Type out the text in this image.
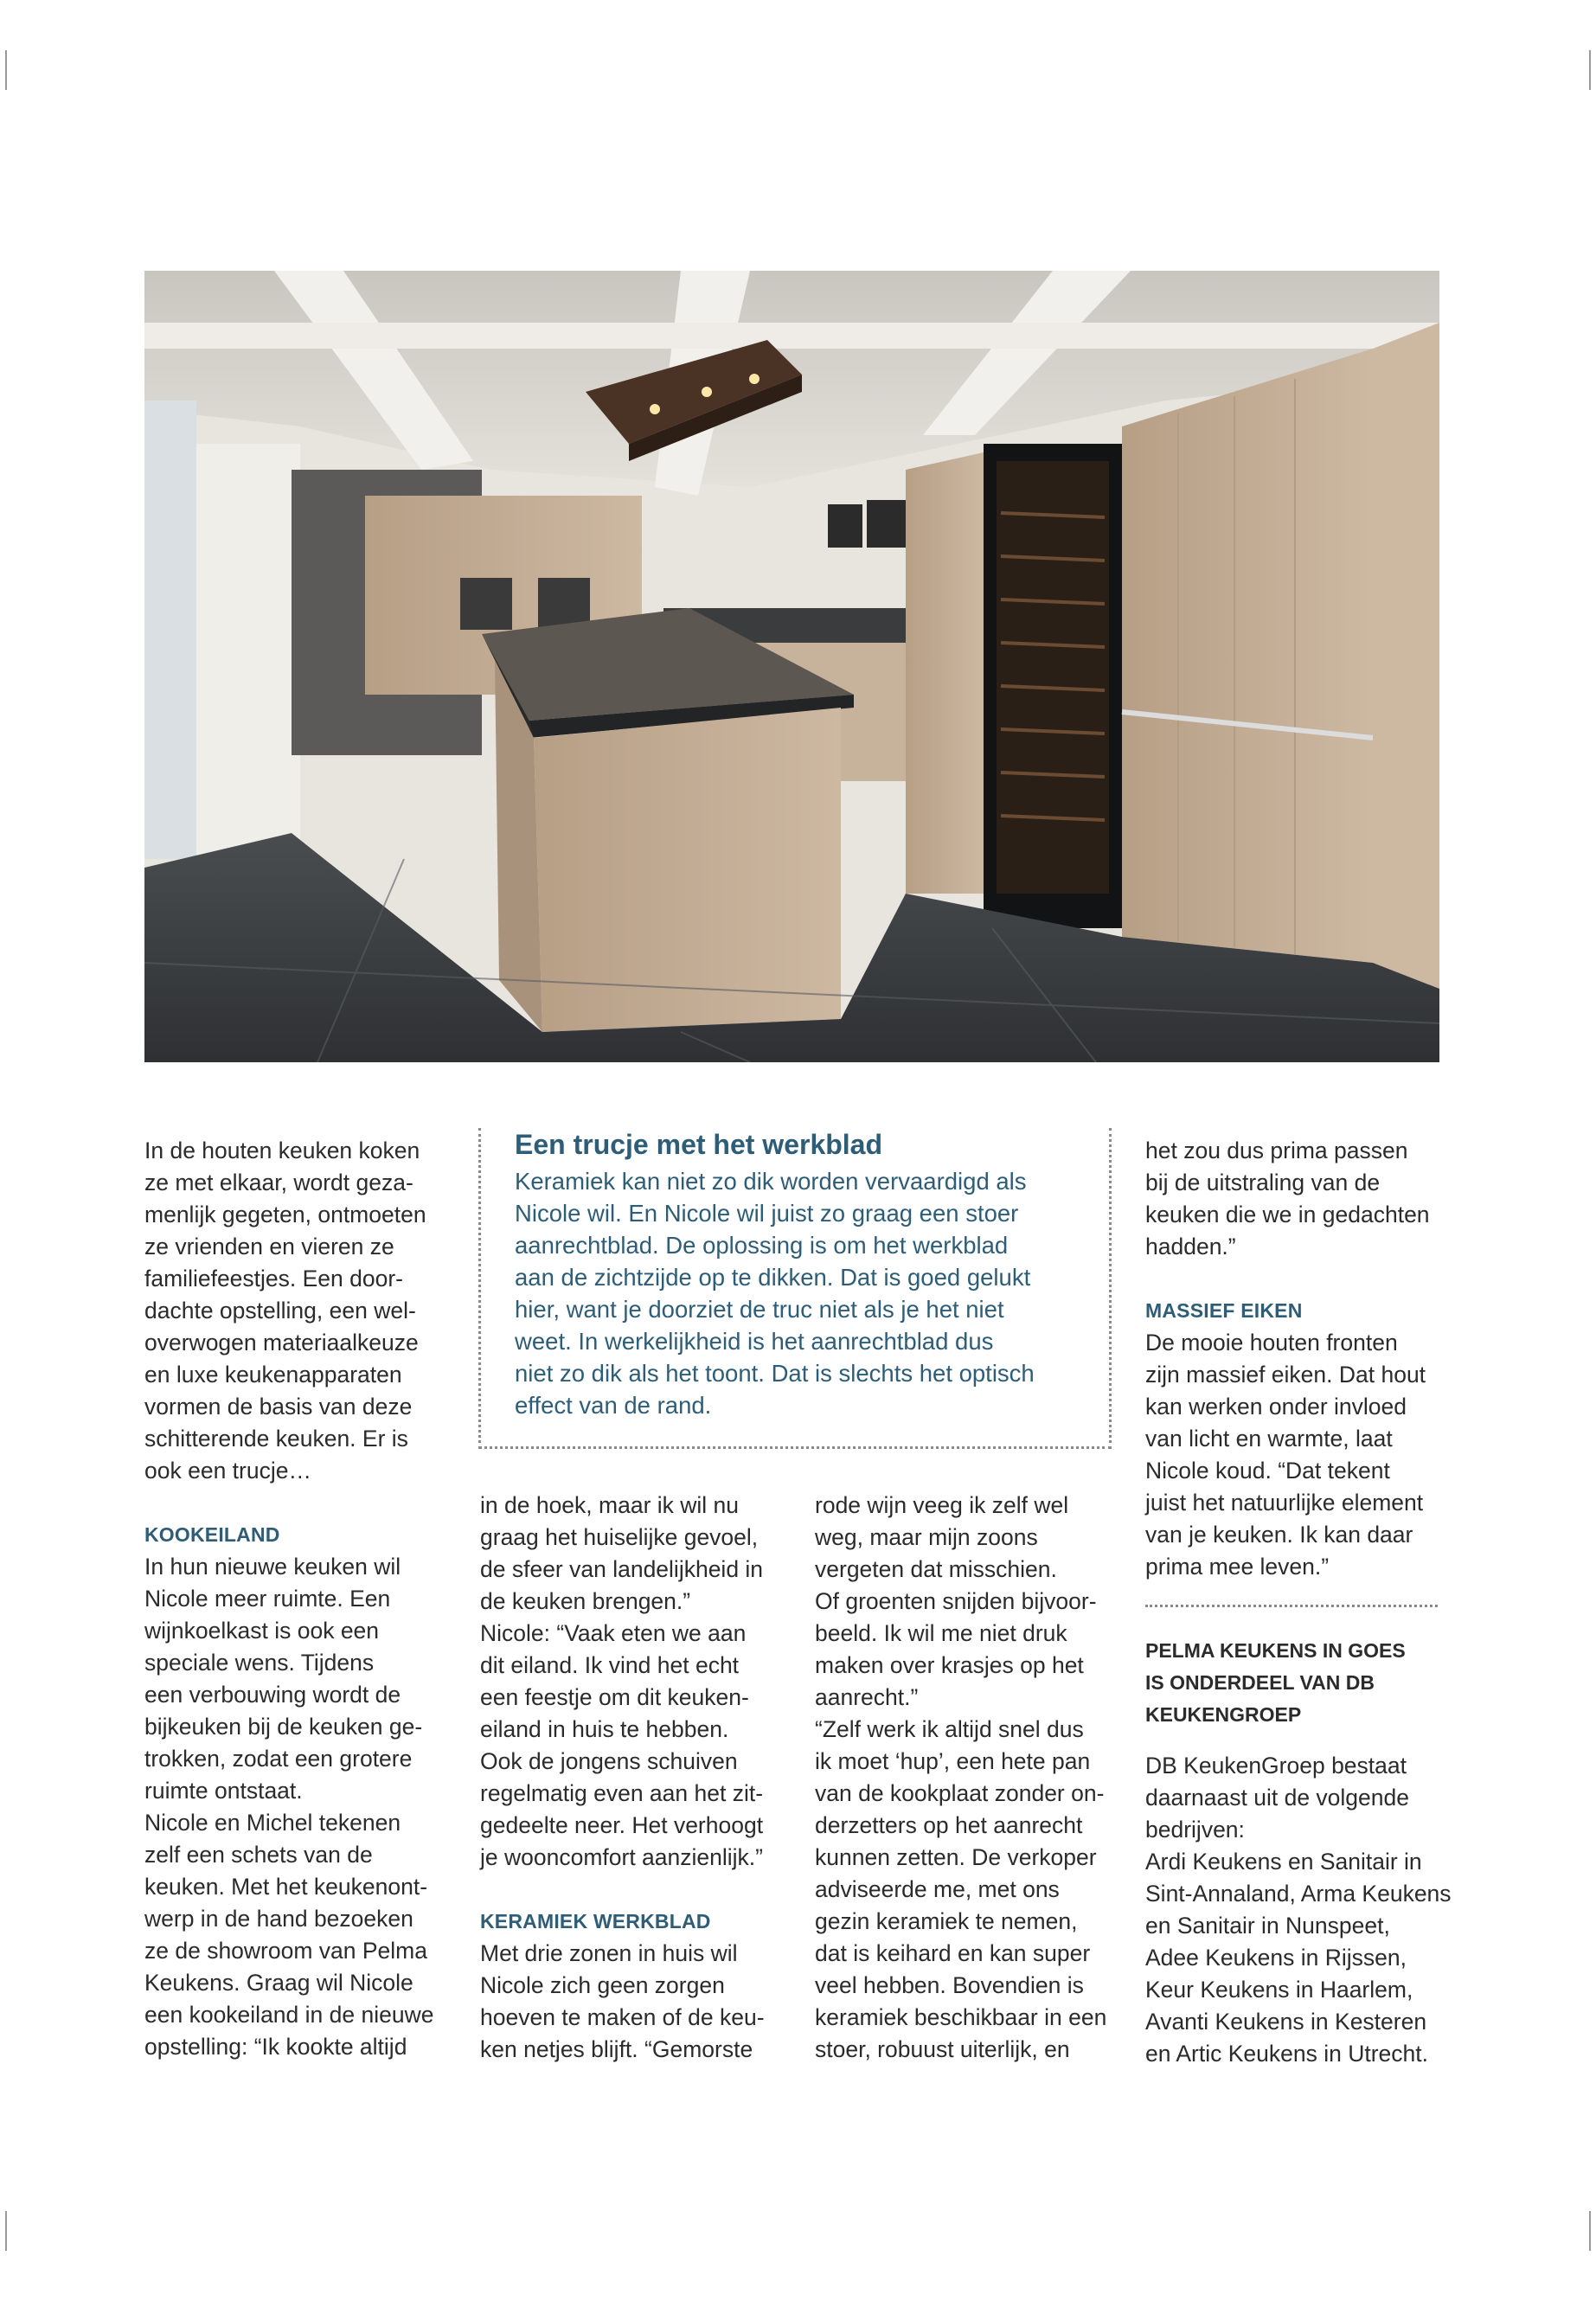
In de houten keuken koken
ze met elkaar, wordt geza-
menlijk gegeten, ontmoeten
ze vrienden en vieren ze
familiefeestjes. Een door-
dachte opstelling, een wel-
overwogen materiaalkeuze
en luxe keukenapparaten
vormen de basis van deze
schitterende keuken. Er is
ook een trucje…

KOOKEILAND

In hun nieuwe keuken wil
Nicole meer ruimte. Een
wijnkoelkast is ook een
speciale wens. Tijdens
een verbouwing wordt de
bijkeuken bij de keuken ge-
trokken, zodat een grotere
ruimte ontstaat.
Nicole en Michel tekenen
zelf een schets van de
keuken. Met het keukenont-
werp in de hand bezoeken
ze de showroom van Pelma
Keukens. Graag wil Nicole
een kookeiland in de nieuwe
opstelling: “Ik kookte altijd

Een trucje met het werkblad
Keramiek kan niet zo dik worden vervaardigd als
Nicole wil. En Nicole wil juist zo graag een stoer
aanrechtblad. De oplossing is om het werkblad
aan de zichtzijde op te dikken. Dat is goed gelukt
hier, want je doorziet de truc niet als je het niet
weet. In werkelijkheid is het aanrechtblad dus
niet zo dik als het toont. Dat is slechts het optisch
effect van de rand.

in de hoek, maar ik wil nu
graag het huiselijke gevoel,
de sfeer van landelijkheid in
de keuken brengen.”
Nicole: “Vaak eten we aan
dit eiland. Ik vind het echt
een feestje om dit keuken-
eiland in huis te hebben.
Ook de jongens schuiven
regelmatig even aan het zit-
gedeelte neer. Het verhoogt
je wooncomfort aanzienlijk.”

KERAMIEK WERKBLAD

Met drie zonen in huis wil
Nicole zich geen zorgen
hoeven te maken of de keu-
ken netjes blijft. “Gemorste

rode wijn veeg ik zelf wel
weg, maar mijn zoons
vergeten dat misschien.
Of groenten snijden bijvoor-
beeld. Ik wil me niet druk
maken over krasjes op het
aanrecht.”
“Zelf werk ik altijd snel dus
ik moet ‘hup’, een hete pan
van de kookplaat zonder on-
derzetters op het aanrecht
kunnen zetten. De verkoper
adviseerde me, met ons
gezin keramiek te nemen,
dat is keihard en kan super
veel hebben. Bovendien is
keramiek beschikbaar in een
stoer, robuust uiterlijk, en

het zou dus prima passen
bij de uitstraling van de
keuken die we in gedachten
hadden.”

MASSIEF EIKEN

De mooie houten fronten
zijn massief eiken. Dat hout
kan werken onder invloed
van licht en warmte, laat
Nicole koud. “Dat tekent
juist het natuurlijke element
van je keuken. Ik kan daar
prima mee leven.”

PELMA KEUKENS IN GOES
IS ONDERDEEL VAN DB
KEUKENGROEP

DB KeukenGroep bestaat
daarnaast uit de volgende
bedrijven:
Ardi Keukens en Sanitair in
Sint-Annaland, Arma Keukens
en Sanitair in Nunspeet,
Adee Keukens in Rijssen,
Keur Keukens in Haarlem,
Avanti Keukens in Kesteren
en Artic Keukens in Utrecht.
